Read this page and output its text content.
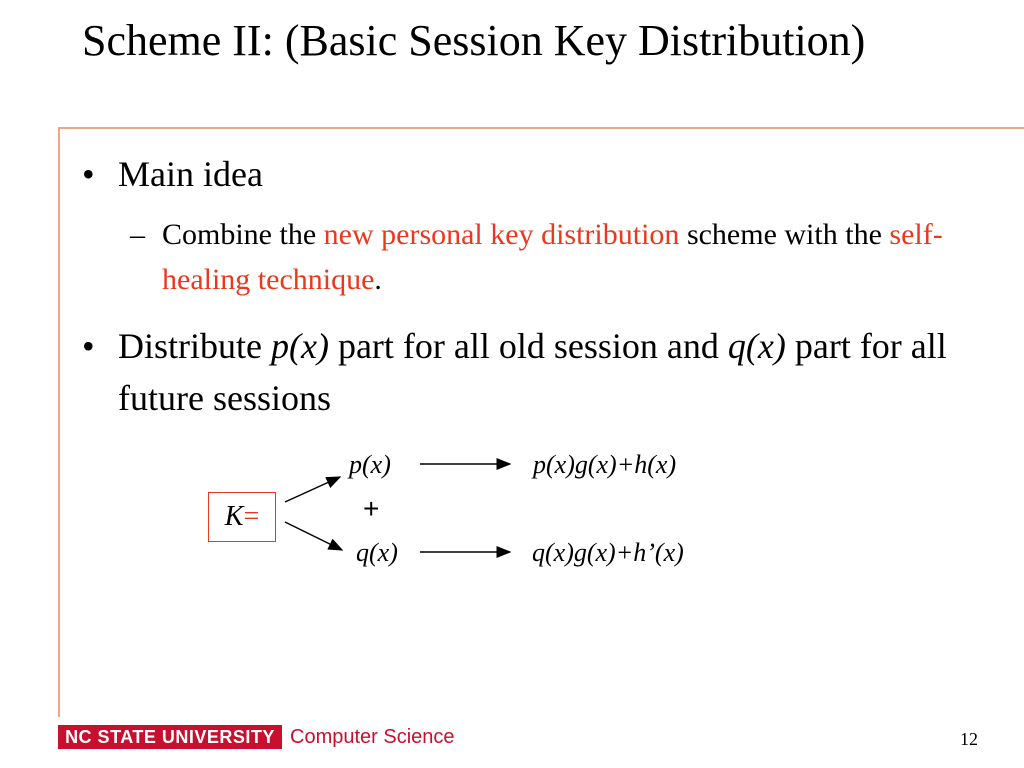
Scheme II: (Basic Session Key Distribution)
• Main idea
– Combine the new personal key distribution scheme with the self-healing technique.
• Distribute p(x) part for all old session and q(x) part for all future sessions
K=
p(x)	p(x)g(x)+h(x)
+
q(x)	q(x)g(x)+h’(x)
NC STATE UNIVERSITY Computer Science	12
